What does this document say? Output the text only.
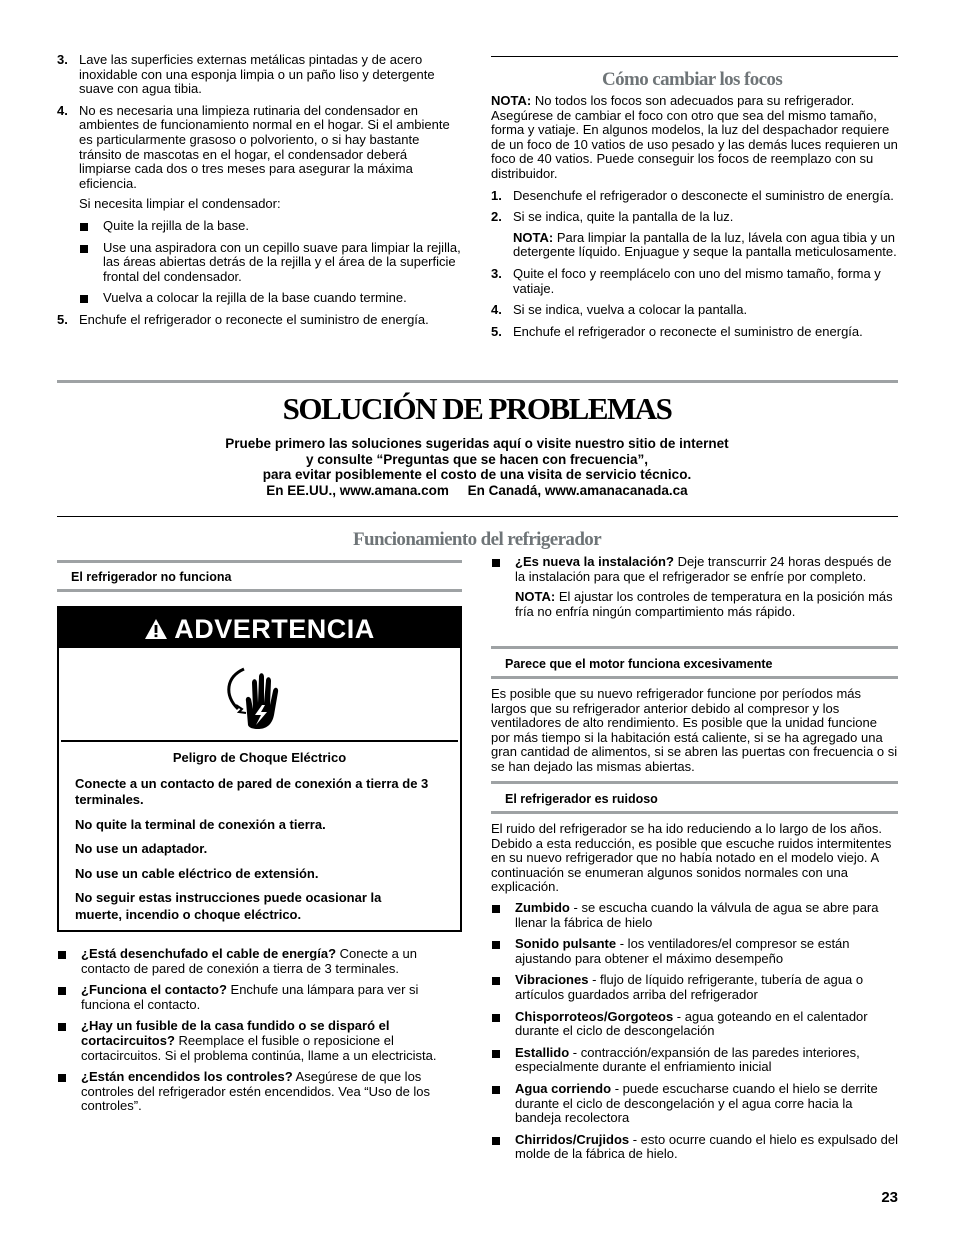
3. Lave las superficies externas metálicas pintadas y de acero inoxidable con una esponja limpia o un paño liso y detergente suave con agua tibia.
4. No es necesaria una limpieza rutinaria del condensador en ambientes de funcionamiento normal en el hogar. Si el ambiente es particularmente grasoso o polvoriento, o si hay bastante tránsito de mascotas en el hogar, el condensador deberá limpiarse cada dos o tres meses para asegurar la máxima eficiencia.

Si necesita limpiar el condensador:

Quite la rejilla de la base.
Use una aspiradora con un cepillo suave para limpiar la rejilla, las áreas abiertas detrás de la rejilla y el área de la superficie frontal del condensador.
Vuelva a colocar la rejilla de la base cuando termine.
5. Enchufe el refrigerador o reconecte el suministro de energía.
Cómo cambiar los focos

NOTA: No todos los focos son adecuados para su refrigerador. Asegúrese de cambiar el foco con otro que sea del mismo tamaño, forma y vatiaje. En algunos modelos, la luz del despachador requiere de un foco de 10 vatios de uso pesado y las demás luces requieren un foco de 40 vatios. Puede conseguir los focos de reemplazo con su distribuidor.

1. Desenchufe el refrigerador o desconecte el suministro de energía.
2. Si se indica, quite la pantalla de la luz.

NOTA: Para limpiar la pantalla de la luz, lávela con agua tibia y un detergente líquido. Enjuague y seque la pantalla meticulosamente.

3. Quite el foco y reemplácelo con uno del mismo tamaño, forma y vatiaje.
4. Si se indica, vuelva a colocar la pantalla.
5. Enchufe el refrigerador o reconecte el suministro de energía.
SOLUCIÓN DE PROBLEMAS
Pruebe primero las soluciones sugeridas aquí o visite nuestro sitio de internet
y consulte “Preguntas que se hacen con frecuencia”,
para evitar posiblemente el costo de una visita de servicio técnico.
En EE.UU., www.amana.com     En Canadá, www.amanacanada.ca
Funcionamiento del refrigerador
El refrigerador no funciona
ADVERTENCIA

Peligro de Choque Eléctrico

Conecte a un contacto de pared de conexión a tierra de 3 terminales.

No quite la terminal de conexión a tierra.

No use un adaptador.

No use un cable eléctrico de extensión.

No seguir estas instrucciones puede ocasionar la muerte, incendio o choque eléctrico.

¿Está desenchufado el cable de energía? Conecte a un contacto de pared de conexión a tierra de 3 terminales.
¿Funciona el contacto? Enchufe una lámpara para ver si funciona el contacto.
¿Hay un fusible de la casa fundido o se disparó el cortacircuitos? Reemplace el fusible o reposicione el cortacircuitos. Si el problema continúa, llame a un electricista.
¿Están encendidos los controles? Asegúrese de que los controles del refrigerador estén encendidos. Vea “Uso de los controles”.
¿Es nueva la instalación? Deje transcurrir 24 horas después de la instalación para que el refrigerador se enfríe por completo.

NOTA: El ajustar los controles de temperatura en la posición más fría no enfría ningún compartimiento más rápido.

Parece que el motor funciona excesivamente

Es posible que su nuevo refrigerador funcione por períodos más largos que su refrigerador anterior debido al compresor y los ventiladores de alto rendimiento. Es posible que la unidad funcione por más tiempo si la habitación está caliente, si se ha agregado una gran cantidad de alimentos, si se abren las puertas con frecuencia o si se han dejado las mismas abiertas.

El refrigerador es ruidoso

El ruido del refrigerador se ha ido reduciendo a lo largo de los años. Debido a esta reducción, es posible que escuche ruidos intermitentes en su nuevo refrigerador que no había notado en el modelo viejo. A continuación se enumeran algunos sonidos normales con una explicación.

Zumbido - se escucha cuando la válvula de agua se abre para llenar la fábrica de hielo
Sonido pulsante - los ventiladores/el compresor se están ajustando para obtener el máximo desempeño
Vibraciones - flujo de líquido refrigerante, tubería de agua o artículos guardados arriba del refrigerador
Chisporroteos/Gorgoteos - agua goteando en el calentador durante el ciclo de descongelación
Estallido - contracción/expansión de las paredes interiores, especialmente durante el enfriamiento inicial
Agua corriendo - puede escucharse cuando el hielo se derrite durante el ciclo de descongelación y el agua corre hacia la bandeja recolectora
Chirridos/Crujidos - esto ocurre cuando el hielo es expulsado del molde de la fábrica de hielo.
23
